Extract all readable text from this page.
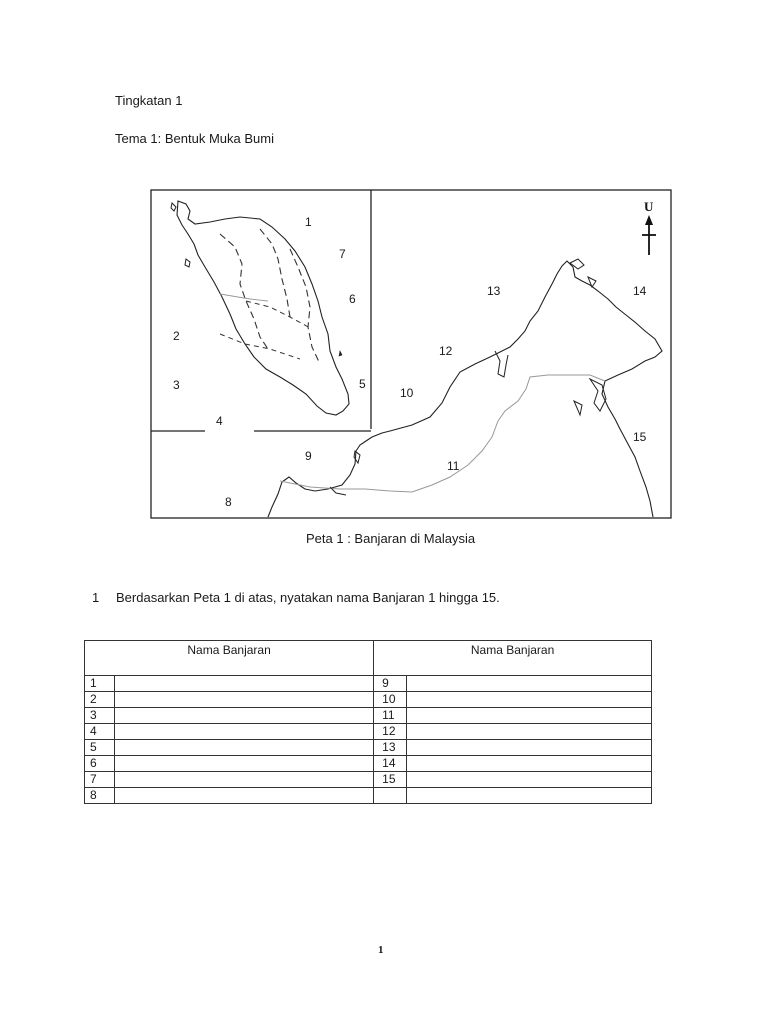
Tingkatan 1
Tema 1: Bentuk Muka Bumi
U
1
2
3
4
5
6
7
8
9
10
11
12
13	14
15
Peta 1 : Banjaran di Malaysia
1 Berdasarkan Peta 1 di atas, nyatakan nama Banjaran 1 hingga 15.
Nama Banjaran		Nama Banjaran	
1		9	
2		10	
3		11	
4		12	
5		13	
6		14	
7		15	
8			
1
